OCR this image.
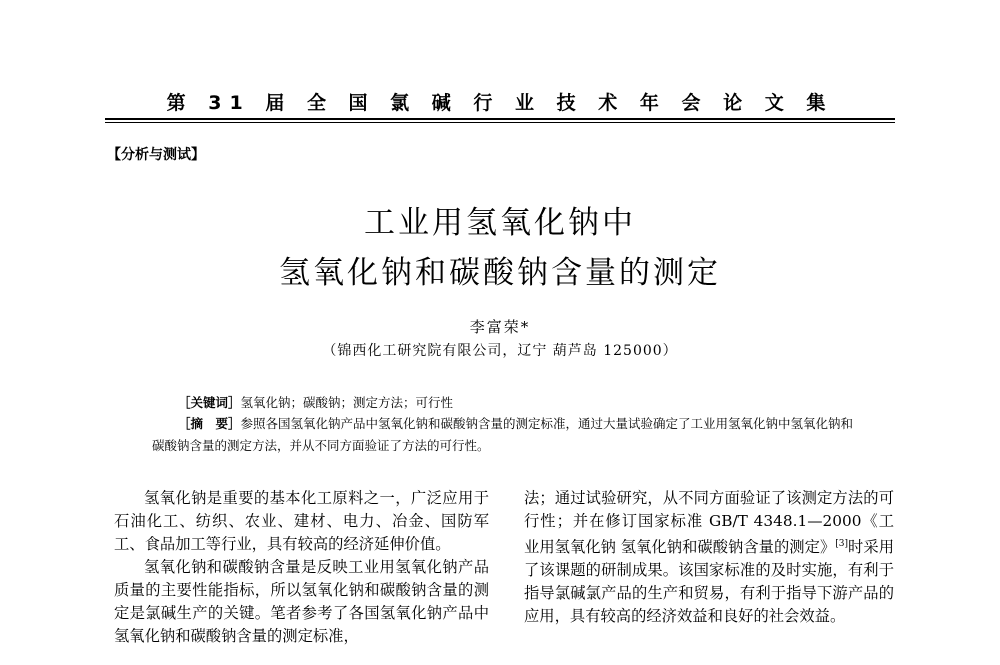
第 31 届 全 国 氯 碱 行 业 技 术 年 会 论 文 集
【分析与测试】
工业用氢氧化钠中
氢氧化钠和碳酸钠含量的测定
李富荣*
（锦西化工研究院有限公司，辽宁 葫芦岛 125000）
［关键词］氢氧化钠；碳酸钠；测定方法；可行性
［摘　要］参照各国氢氧化钠产品中氢氧化钠和碳酸钠含量的测定标准，通过大量试验确定了工业用氢氧化钠中氢氧化钠和碳酸钠含量的测定方法，并从不同方面验证了方法的可行性。

氢氧化钠是重要的基本化工原料之一，广泛应用于石油化工、纺织、农业、建材、电力、冶金、国防军工、食品加工等行业，具有较高的经济延伸价值。

氢氧化钠和碳酸钠含量是反映工业用氢氧化钠产品质量的主要性能指标，所以氢氧化钠和碳酸钠含量的测定是氯碱生产的关键。笔者参考了各国氢氧化钠产品中氢氧化钠和碳酸钠含量的测定标准，

法；通过试验研究，从不同方面验证了该测定方法的可行性；并在修订国家标准 GB/T 4348.1—2000《工业用氢氧化钠 氢氧化钠和碳酸钠含量的测定》[3]时采用了该课题的研制成果。该国家标准的及时实施，有利于指导氯碱氯产品的生产和贸易，有利于指导下游产品的应用，具有较高的经济效益和良好的社会效益。
